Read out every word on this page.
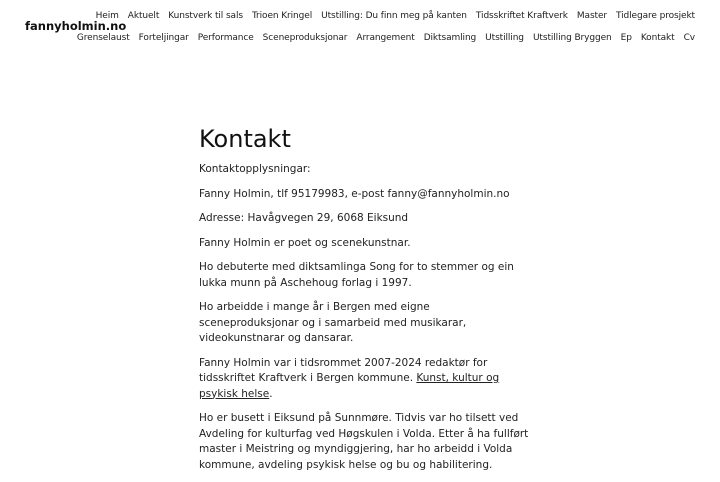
fannyholmin.no
Heim Aktuelt Kunstverk til sals Trioen Kringel Utstilling: Du finn meg på kanten Tidsskriftet Kraftverk Master Tidlegare prosjekt
Grenselaust Forteljingar Performance Sceneproduksjonar Arrangement Diktsamling Utstilling Utstilling Bryggen Ep Kontakt Cv
Kontakt

Kontaktopplysningar:

Fanny Holmin, tlf 95179983, e-post fanny@fannyholmin.no

Adresse: Havågvegen 29, 6068 Eiksund

Fanny Holmin er poet og scenekunstnar.

Ho debuterte med diktsamlinga Song for to stemmer og ein lukka munn på Aschehoug forlag i 1997.

Ho arbeidde i mange år i Bergen med eigne sceneproduksjonar og i samarbeid med musikarar, videokunstnarar og dansarar.

Fanny Holmin var i tidsrommet 2007-2024 redaktør for tidsskriftet Kraftverk i Bergen kommune. Kunst, kultur og psykisk helse.

Ho er busett i Eiksund på Sunnmøre. Tidvis var ho tilsett ved Avdeling for kulturfag ved Høgskulen i Volda. Etter å ha fullført master i Meistring og myndiggjering, har ho arbeidd i Volda kommune, avdeling psykisk helse og bu og habilitering.
